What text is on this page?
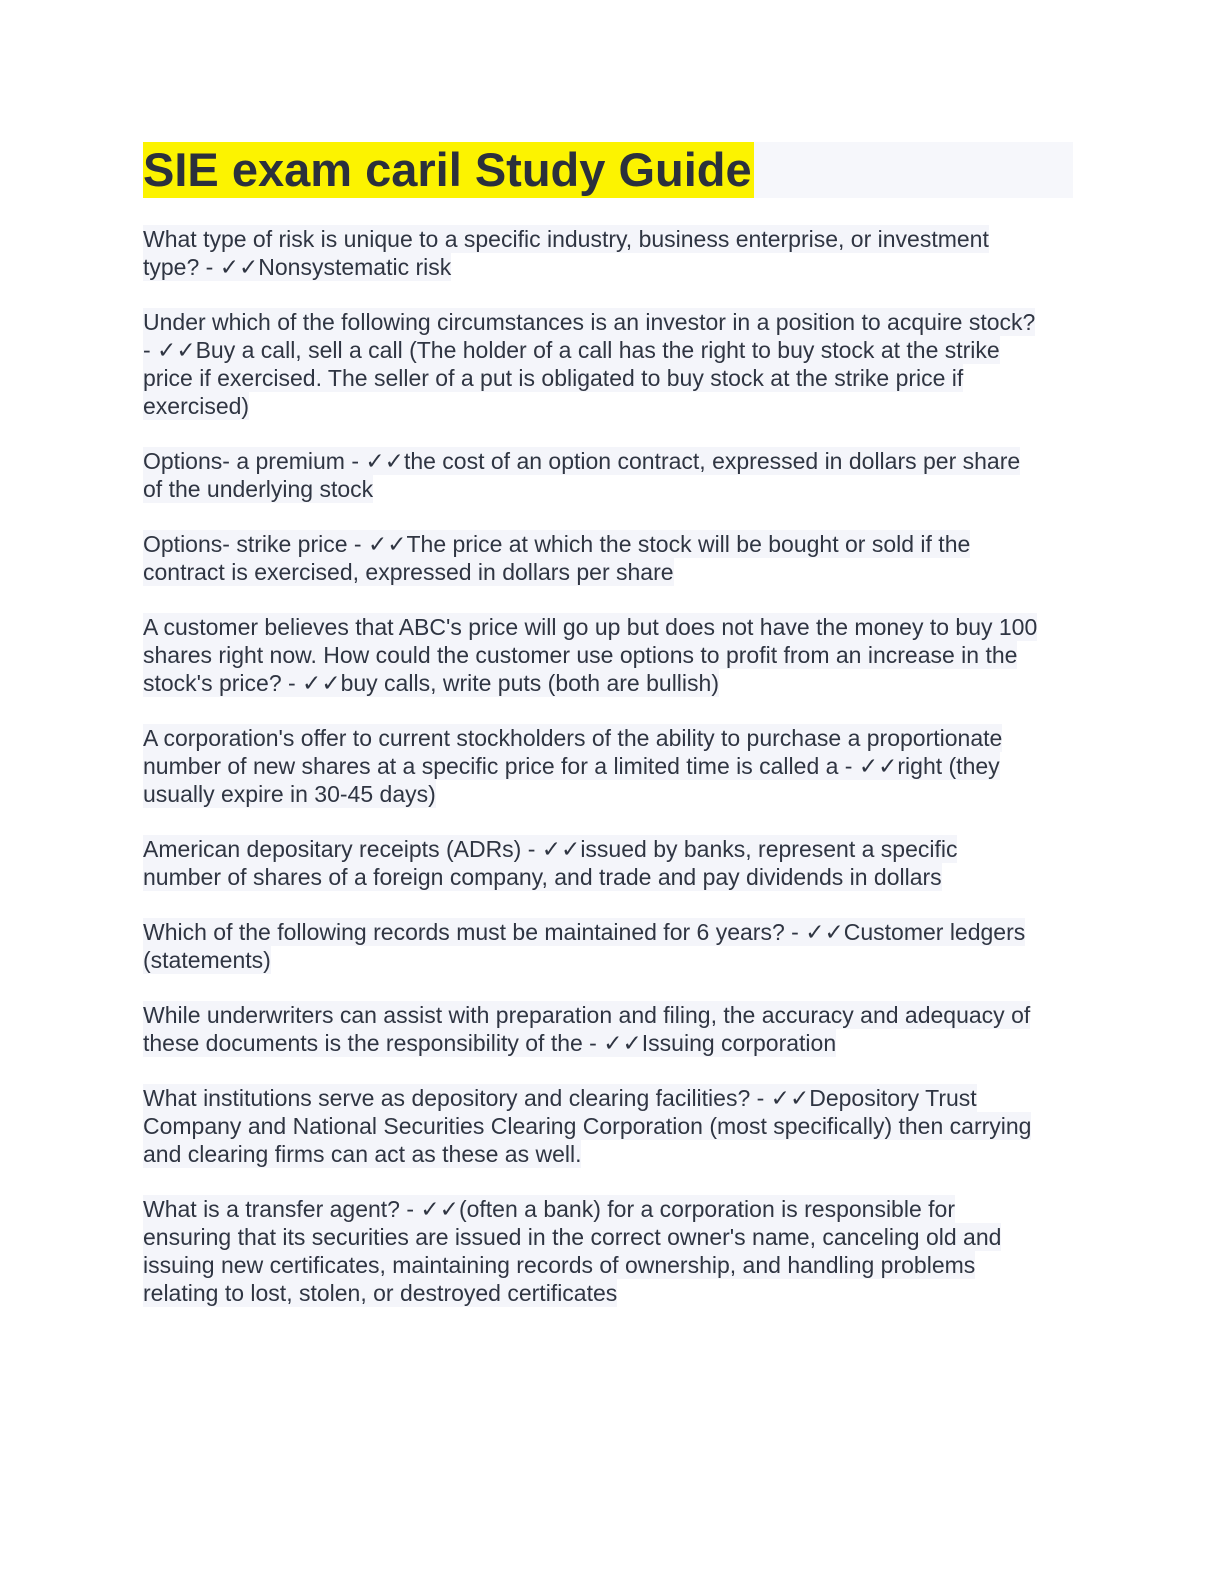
SIE exam caril Study Guide
What type of risk is unique to a specific industry, business enterprise, or investment
type? - ✓✓Nonsystematic risk
Under which of the following circumstances is an investor in a position to acquire stock?
- ✓✓Buy a call, sell a call (The holder of a call has the right to buy stock at the strike
price if exercised. The seller of a put is obligated to buy stock at the strike price if
exercised)
Options- a premium - ✓✓the cost of an option contract, expressed in dollars per share
of the underlying stock
Options- strike price - ✓✓The price at which the stock will be bought or sold if the
contract is exercised, expressed in dollars per share
A customer believes that ABC's price will go up but does not have the money to buy 100
shares right now. How could the customer use options to profit from an increase in the
stock's price? - ✓✓buy calls, write puts (both are bullish)
A corporation's offer to current stockholders of the ability to purchase a proportionate
number of new shares at a specific price for a limited time is called a - ✓✓right (they
usually expire in 30-45 days)
American depositary receipts (ADRs) - ✓✓issued by banks, represent a specific
number of shares of a foreign company, and trade and pay dividends in dollars
Which of the following records must be maintained for 6 years? - ✓✓Customer ledgers
(statements)
While underwriters can assist with preparation and filing, the accuracy and adequacy of
these documents is the responsibility of the - ✓✓Issuing corporation
What institutions serve as depository and clearing facilities? - ✓✓Depository Trust
Company and National Securities Clearing Corporation (most specifically) then carrying
and clearing firms can act as these as well.
What is a transfer agent? - ✓✓(often a bank) for a corporation is responsible for
ensuring that its securities are issued in the correct owner's name, canceling old and
issuing new certificates, maintaining records of ownership, and handling problems
relating to lost, stolen, or destroyed certificates
